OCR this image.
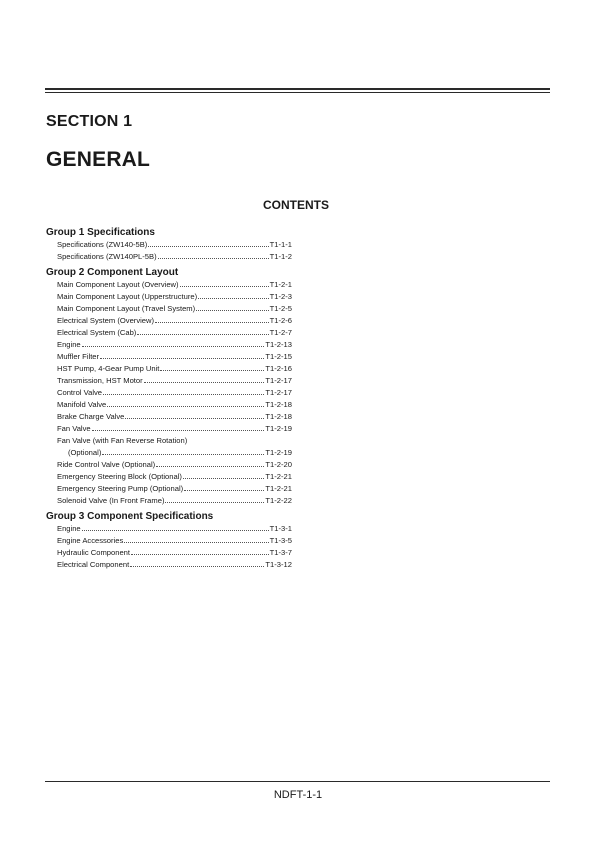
SECTION 1
GENERAL
CONTENTS
Group 1 Specifications
Specifications (ZW140-5B)	T1-1-1
Specifications (ZW140PL-5B)	T1-1-2
Group 2 Component Layout
Main Component Layout (Overview)	T1-2-1
Main Component Layout (Upperstructure)	T1-2-3
Main Component Layout (Travel System)	T1-2-5
Electrical System (Overview)	T1-2-6
Electrical System (Cab)	T1-2-7
Engine	T1-2-13
Muffler Filter	T1-2-15
HST Pump, 4-Gear Pump Unit	T1-2-16
Transmission, HST Motor	T1-2-17
Control Valve	T1-2-17
Manifold Valve	T1-2-18
Brake Charge Valve	T1-2-18
Fan Valve	T1-2-19
Fan Valve (with Fan Reverse Rotation)
(Optional)	T1-2-19
Ride Control Valve (Optional)	T1-2-20
Emergency Steering Block (Optional)	T1-2-21
Emergency Steering Pump (Optional)	T1-2-21
Solenoid Valve (In Front Frame)	T1-2-22
Group 3 Component Specifications
Engine	T1-3-1
Engine Accessories	T1-3-5
Hydraulic Component	T1-3-7
Electrical Component	T1-3-12
NDFT-1-1
